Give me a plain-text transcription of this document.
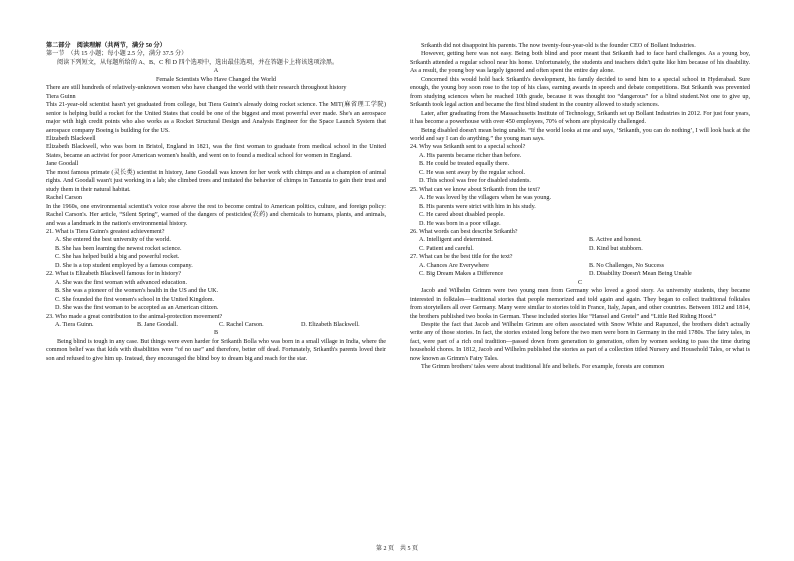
第二部分　阅读理解（共两节，满分 50 分）

第一节　（共 15 小题；每小题 2.5 分，满分 37.5 分）

阅读下列短文，从每题所给的 A、B、C 和 D 四个选项中，选出最佳选项，并在答题卡上将该选项涂黑。

A

Female Scientists Who Have Changed the World

There are still hundreds of relatively-unknown women who have changed the world with their research throughout history

Tiera Guinn

This 21-year-old scientist hasn't yet graduated from college, but Tiera Guinn's already doing rocket science. The MIT(麻省理工学院) senior is helping build a rocket for the United States that could be one of the biggest and most powerful ever made. She's an aerospace major with high credit points who also works as a Rocket Structural Design and Analysis Engineer for the Space Launch System that aerospace company Boeing is building for the US.

Elizabeth Blackwell

Elizabeth Blackwell, who was born in Bristol, England in 1821, was the first woman to graduate from medical school in the United States, became an activist for poor American women's health, and went on to found a medical school for women in England.

Jane Goodall

The most famous primate (灵长类) scientist in history, Jane Goodall was known for her work with chimps and as a champion of animal rights. And Goodall wasn't just working in a lab; she climbed trees and imitated the behavior of chimps in Tanzania to gain their trust and study them in their natural habitat.

Rachel Carson

In the 1960s, one environmental scientist's voice rose above the rest to become central to American politics, culture, and foreign policy: Rachel Carson's. Her article, “Silent Spring”, warned of the dangers of pesticides(农药) and chemicals to humans, plants, and animals, and was a landmark in the nation's environmental history.

21. What is Tiera Guinn's greatest achievement?

A. She entered the best university of the world.

B. She has been learning the newest rocket science.

C. She has helped build a big and powerful rocket.

D. She is a top student employed by a famous company.

22. What is Elizabeth Blackwell famous for in history?

A. She was the first woman with advanced education.

B. She was a pioneer of the women's health in the US and the UK.

C. She founded the first women's school in the United Kingdom.

D. She was the first woman to be accepted as an American citizen.

23. Who made a great contribution to the animal-protection movement?

A. Tiera Guinn.	B. Jane Goodall.	C. Rachel Carson.	D. Elizabeth Blackwell.

B

Being blind is tough in any case. But things were even harder for Srikanth Bolla who was born in a small village in India, where the common belief was that kids with disabilities were “of no use” and therefore, better off dead. Fortunately, Srikanth's parents loved their son and refused to give him up. Instead, they encouraged the blind boy to dream big and reach for the star.

Srikanth did not disappoint his parents. The now twenty-four-year-old is the founder CEO of Bollant Industries.

However, getting here was not easy. Being both blind and poor meant that Srikanth had to face hard challenges. As a young boy, Srikanth attended a regular school near his home. Unfortunately, the students and teachers didn't quite like him because of his disability. As a result, the young boy was largely ignored and often spent the entire day alone.

Concerned this would hold back Srikanth's development, his family decided to send him to a special school in Hyderabad. Sure enough, the young boy soon rose to the top of his class, earning awards in speech and debate competitions. But Srikanth was prevented from studying sciences when he reached 10th grade, because it was thought too “dangerous” for a blind student.Not one to give up, Srikanth took legal action and became the first blind student in the country allowed to study sciences.

Later, after graduating from the Massachusetts Institute of Technology, Srikanth set up Bollant Industries in 2012. For just four years, it has become a powerhouse with over 450 employees, 70% of whom are physically challenged.

Being disabled doesn't mean being unable. “If the world looks at me and says, ‘Srikanth, you can do nothing’, I will look back at the world and say I can do anything.” the young man says.

24. Why was Srikanth sent to a special school?

A. His parents became richer than before.

B. He could be treated equally there.

C. He was sent away by the regular school.

D. This school was free for disabled students.

25. What can we know about Srikanth from the text?

A. He was loved by the villagers when he was young.

B. His parents were strict with him in his study.

C. He cared about disabled people.

D. He was born in a poor village.

26. What words can best describe Srikanth?

A. Intelligent and determined.	B. Active and honest.
C. Patient and careful.	D. Kind but stubborn.

27. What can be the best title for the text?

A. Chances Are Everywhere	B. No Challenges, No Success
C. Big Dream Makes a Difference	D. Disability Doesn't Mean Being Unable

C

Jacob and Wilhelm Grimm were two young men from Germany who loved a good story. As university students, they became interested in folktales—traditional stories that people memorized and told again and again. They began to collect traditional folktales from storytellers all over Germany. Many were similar to stories told in France, Italy, Japan, and other countries. Between 1812 and 1814, the brothers published two books in German. These included stories like “Hansel and Gretel” and “Little Red Riding Hood.”

Despite the fact that Jacob and Wilhelm Grimm are often associated with Snow White and Rapunzel, the brothers didn't actually write any of those stories. In fact, the stories existed long before the two men were born in Germany in the mid 1780s. The fairy tales, in fact, were part of a rich oral tradition—passed down from generation to generation, often by women seeking to pass the time during household chores. In 1812, Jacob and Wilhelm published the stories as part of a collection titled Nursery and Household Tales, or what is now known as Grimm's Fairy Tales.

The Grimm brothers' tales were about traditional life and beliefs. For example, forests are common

第 2 页　共 5 页
